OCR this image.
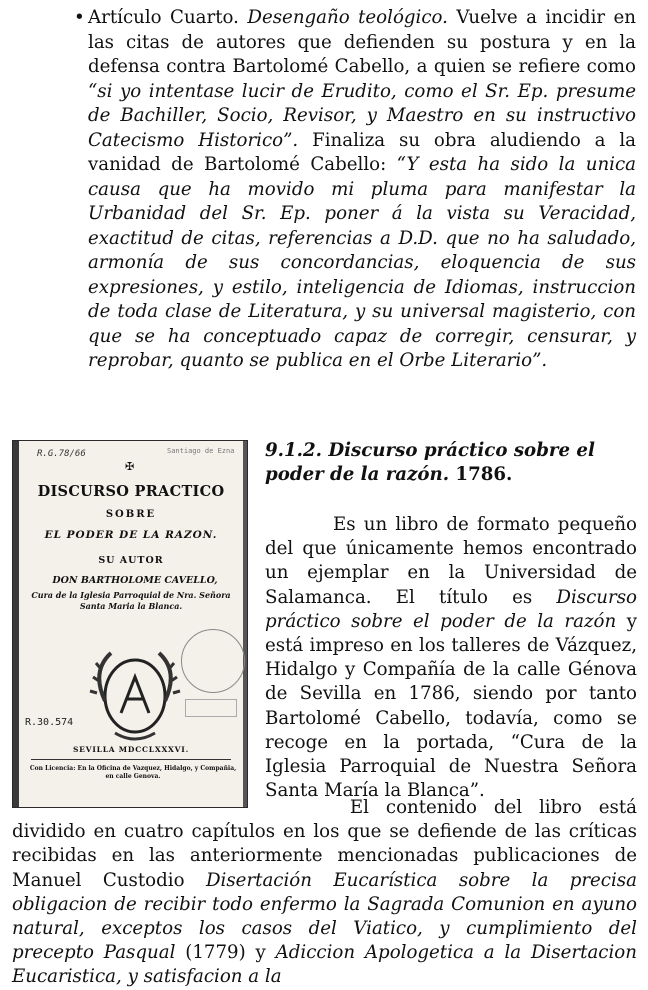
• Artículo Cuarto. Desengaño teológico. Vuelve a incidir en las citas de autores que defienden su postura y en la defensa contra Bartolomé Cabello, a quien se refiere como “si yo intentase lucir de Erudito, como el Sr. Ep. presume de Bachiller, Socio, Revisor, y Maestro en su instructivo Catecismo Historico”. Finaliza su obra aludiendo a la vanidad de Bartolomé Cabello: “Y esta ha sido la unica causa que ha movido mi pluma para manifestar la Urbanidad del Sr. Ep. poner á la vista su Veracidad, exactitud de citas, referencias a D.D. que no ha saludado, armonía de sus concordancias, eloquencia de sus expresiones, y estilo, inteligencia de Idiomas, instruccion de toda clase de Literatura, y su universal magisterio, con que se ha conceptuado capaz de corregir, censurar, y reprobar, quanto se publica en el Orbe Literario”.

R.G.78/66	Santiago de Ezna
✠
DISCURSO PRACTICO
SOBRE
EL PODER DE LA RAZON.
SU AUTOR
DON BARTHOLOME CAVELLO,
Cura de la Iglesia Parroquial de Nra. Señora Santa Maria la Blanca.
R.30.574
SEVILLA MDCCLXXXVI.
Con Licencia: En la Oficina de Vazquez, Hidalgo, y Compañia, en calle Genova.

9.1.2. Discurso práctico sobre el poder de la razón. 1786.

Es un libro de formato pequeño del que únicamente hemos encontrado un ejemplar en la Universidad de Salamanca. El título es Discurso práctico sobre el poder de la razón y está impreso en los talleres de Vázquez, Hidalgo y Compañía de la calle Génova de Sevilla en 1786, siendo por tanto Bartolomé Cabello, todavía, como se recoge en la portada, “Cura de la Iglesia Parroquial de Nuestra Señora Santa María la Blanca”.

El contenido del libro está dividido en cuatro capítulos en los que se defiende de las críticas recibidas en las anteriormente mencionadas publicaciones de Manuel Custodio Disertación Eucarística sobre la precisa obligacion de recibir todo enfermo la Sagrada Comunion en ayuno natural, exceptos los casos del Viatico, y cumplimiento del precepto Pasqual (1779) y Adiccion Apologetica a la Disertacion Eucaristica, y satisfacion a la
